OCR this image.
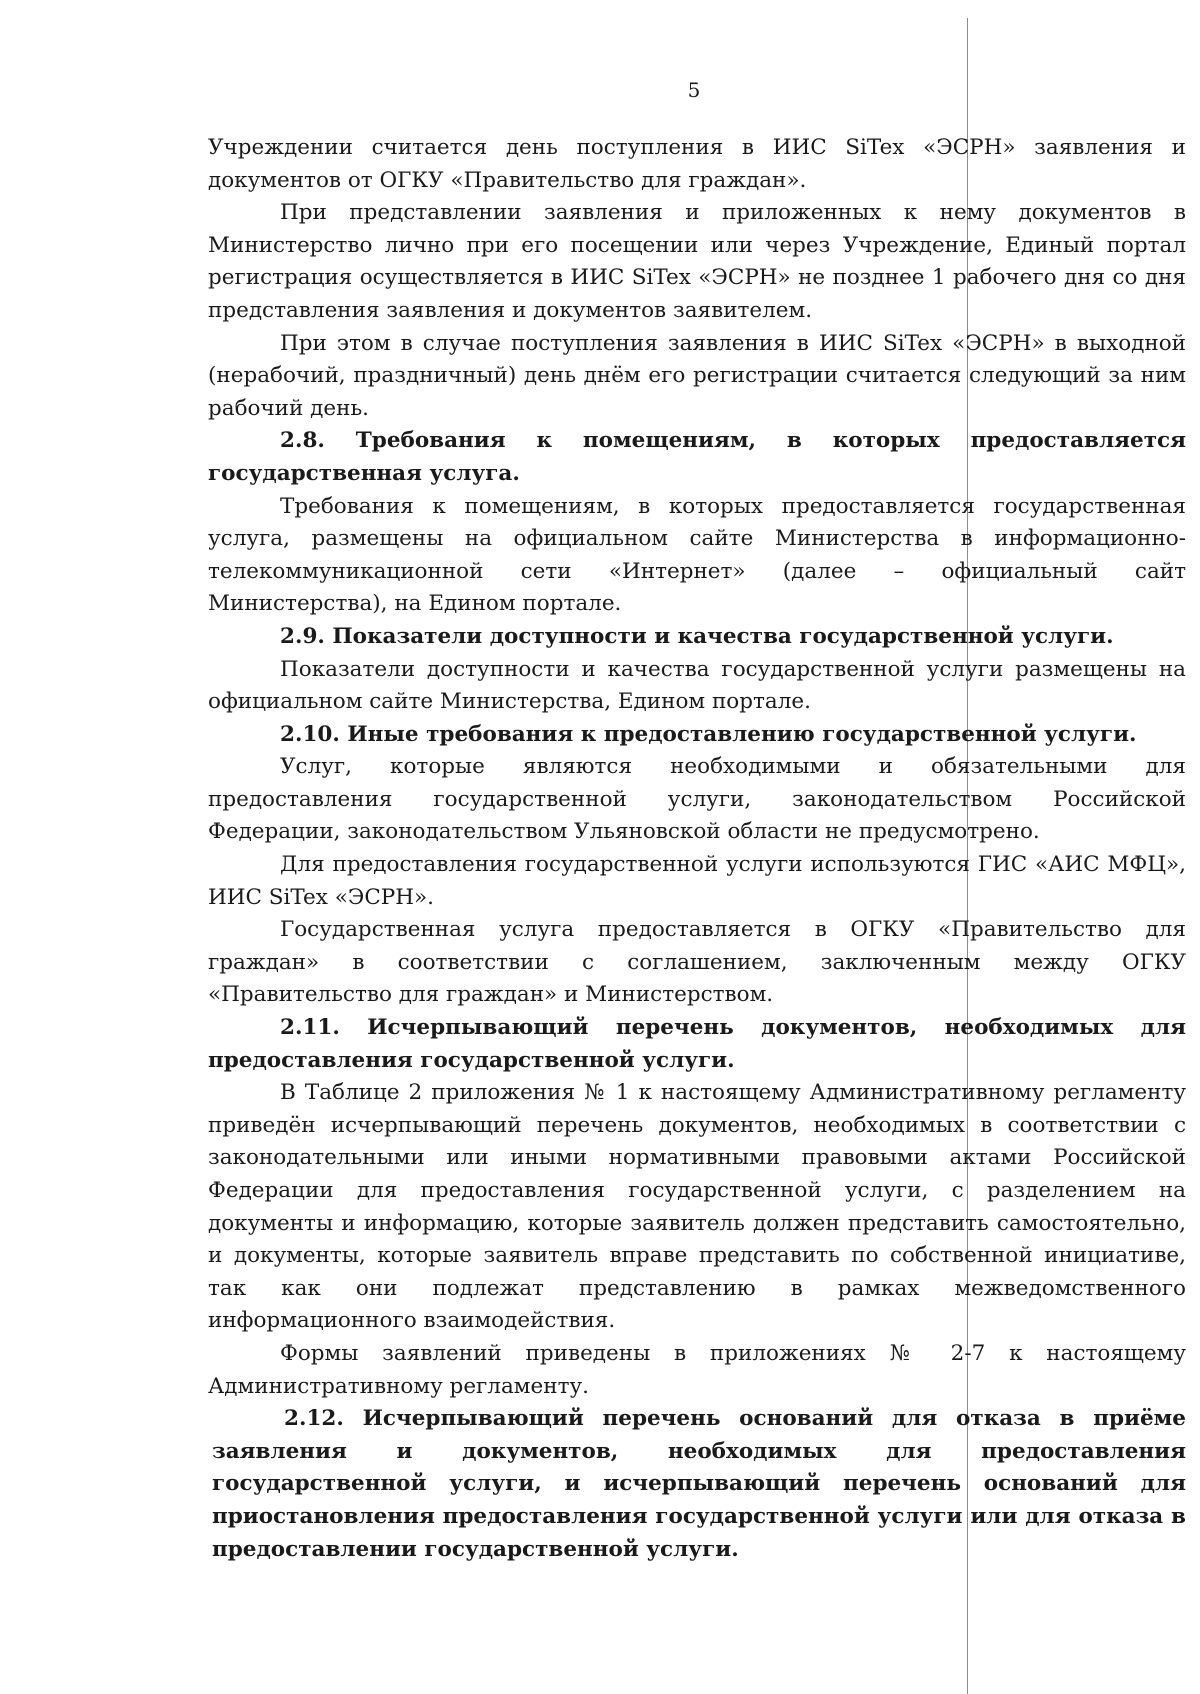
5

Учреждении считается день поступления в ИИС SiTex «ЭСРН» заявления и документов от ОГКУ «Правительство для граждан».

При представлении заявления и приложенных к нему документов в Министерство лично при его посещении или через Учреждение, Единый портал регистрация осуществляется в ИИС SiTex «ЭСРН» не позднее 1 рабочего дня со дня представления заявления и документов заявителем.

При этом в случае поступления заявления в ИИС SiTex «ЭСРН» в выходной (нерабочий, праздничный) день днём его регистрации считается следующий за ним рабочий день.

2.8. Требования к помещениям, в которых предоставляется государственная услуга.

Требования к помещениям, в которых предоставляется государственная услуга, размещены на официальном сайте Министерства в информационно-телекоммуникационной сети «Интернет» (далее – официальный сайт Министерства), на Едином портале.

2.9. Показатели доступности и качества государственной услуги.

Показатели доступности и качества государственной услуги размещены на официальном сайте Министерства, Едином портале.

2.10. Иные требования к предоставлению государственной услуги.

Услуг, которые являются необходимыми и обязательными для предоставления государственной услуги, законодательством Российской Федерации, законодательством Ульяновской области не предусмотрено.

Для предоставления государственной услуги используются ГИС «АИС МФЦ», ИИС SiTex «ЭСРН».

Государственная услуга предоставляется в ОГКУ «Правительство для граждан» в соответствии с соглашением, заключенным между ОГКУ «Правительство для граждан» и Министерством.

2.11. Исчерпывающий перечень документов, необходимых для предоставления государственной услуги.

В Таблице 2 приложения № 1 к настоящему Административному регламенту приведён исчерпывающий перечень документов, необходимых в соответствии с законодательными или иными нормативными правовыми актами Российской Федерации для предоставления государственной услуги, с разделением на документы и информацию, которые заявитель должен представить самостоятельно, и документы, которые заявитель вправе представить по собственной инициативе, так как они подлежат представлению в рамках межведомственного информационного взаимодействия.

Формы заявлений приведены в приложениях № 2-7 к настоящему Административному регламенту.

2.12. Исчерпывающий перечень оснований для отказа в приёме заявления и документов, необходимых для предоставления государственной услуги, и исчерпывающий перечень оснований для приостановления предоставления государственной услуги или для отказа в предоставлении государственной услуги.
